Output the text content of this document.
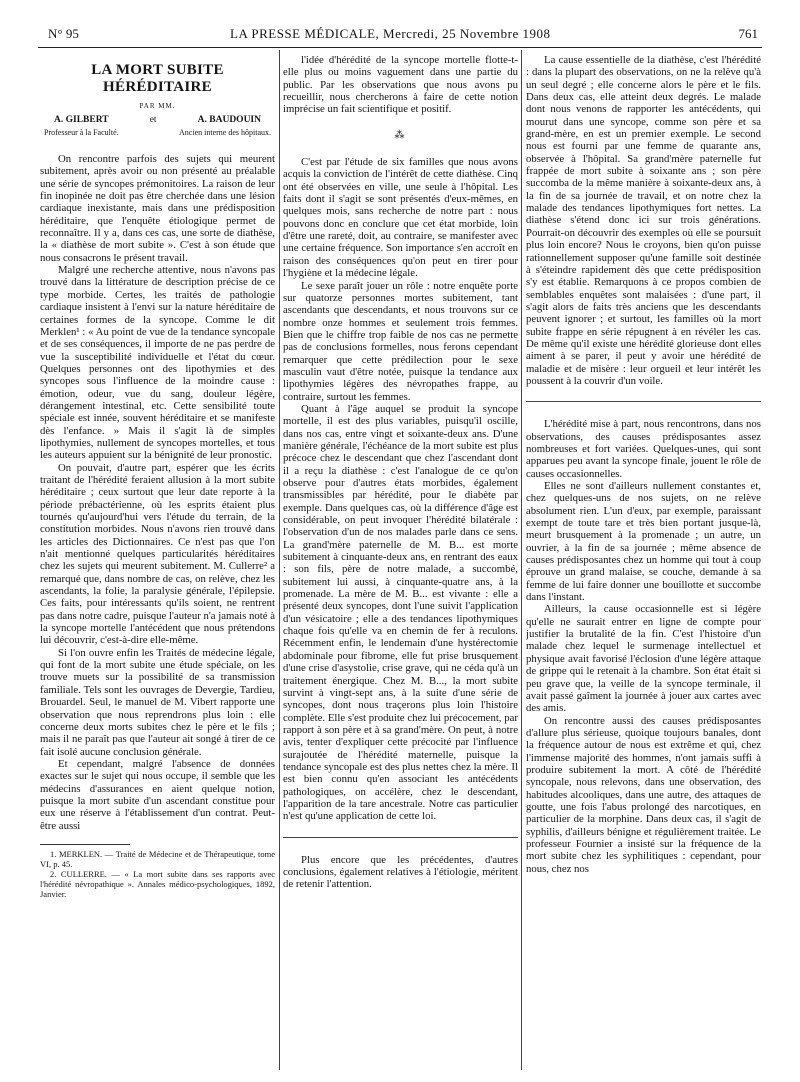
N° 95	LA PRESSE MÉDICALE, Mercredi, 25 Novembre 1908	761
LA MORT SUBITE HÉRÉDITAIRE
PAR MM.
A. GILBERT	et	A. BAUDOUIN
Professeur à la Faculté.	Ancien interne des hôpitaux.

On rencontre parfois des sujets qui meurent subitement, après avoir ou non présenté au préalable une série de syncopes prémonitoires. La raison de leur fin inopinée ne doit pas être cherchée dans une lésion cardiaque inexistante, mais dans une prédisposition héréditaire, que l'enquête étiologique permet de reconnaître. Il y a, dans ces cas, une sorte de diathèse, la « diathèse de mort subite ». C'est à son étude que nous consacrons le présent travail.

Malgré une recherche attentive, nous n'avons pas trouvé dans la littérature de description précise de ce type morbide. Certes, les traités de pathologie cardiaque insistent à l'envi sur la nature héréditaire de certaines formes de la syncope. Comme le dit Merklen¹ : « Au point de vue de la tendance syncopale et de ses conséquences, il importe de ne pas perdre de vue la susceptibilité individuelle et l'état du cœur. Quelques personnes ont des lipothymies et des syncopes sous l'influence de la moindre cause : émotion, odeur, vue du sang, douleur légère, dérangement intestinal, etc. Cette sensibilité toute spéciale est innée, souvent héréditaire et se manifeste dès l'enfance. » Mais il s'agit là de simples lipothymies, nullement de syncopes mortelles, et tous les auteurs appuient sur la bénignité de leur pronostic.

On pouvait, d'autre part, espérer que les écrits traitant de l'hérédité feraient allusion à la mort subite héréditaire ; ceux surtout que leur date reporte à la période prébactérienne, où les esprits étaient plus tournés qu'aujourd'hui vers l'étude du terrain, de la constitution morbides. Nous n'avons rien trouvé dans les articles des Dictionnaires. Ce n'est pas que l'on n'ait mentionné quelques particularités héréditaires chez les sujets qui meurent subitement. M. Cullerre² a remarqué que, dans nombre de cas, on relève, chez les ascendants, la folie, la paralysie générale, l'épilepsie. Ces faits, pour intéressants qu'ils soient, ne rentrent pas dans notre cadre, puisque l'auteur n'a jamais noté à la syncope mortelle l'antécédent que nous prétendons lui découvrir, c'est-à-dire elle-même.

Si l'on ouvre enfin les Traités de médecine légale, qui font de la mort subite une étude spéciale, on les trouve muets sur la possibilité de sa transmission familiale. Tels sont les ouvrages de Devergie, Tardieu, Brouardel. Seul, le manuel de M. Vibert rapporte une observation que nous reprendrons plus loin : elle concerne deux morts subites chez le père et le fils ; mais il ne paraît pas que l'auteur ait songé à tirer de ce fait isolé aucune conclusion générale.

Et cependant, malgré l'absence de données exactes sur le sujet qui nous occupe, il semble que les médecins d'assurances en aient quelque notion, puisque la mort subite d'un ascendant constitue pour eux une réserve à l'établissement d'un contrat. Peut-être aussi

1. MERKLEN. — Traité de Médecine et de Thérapeutique, tome VI, p. 45.
2. CULLERRE. — « La mort subite dans ses rapports avec l'hérédité névropathique ». Annales médico-psychologiques, 1892, Janvier.

l'idée d'hérédité de la syncope mortelle flotte-t-elle plus ou moins vaguement dans une partie du public. Par les observations que nous avons pu recueillir, nous chercherons à faire de cette notion imprécise un fait scientifique et positif.

⁂

C'est par l'étude de six familles que nous avons acquis la conviction de l'intérêt de cette diathèse. Cinq ont été observées en ville, une seule à l'hôpital. Les faits dont il s'agit se sont présentés d'eux-mêmes, en quelques mois, sans recherche de notre part : nous pouvons donc en conclure que cet état morbide, loin d'être une rareté, doit, au contraire, se manifester avec une certaine fréquence. Son importance s'en accroît en raison des conséquences qu'on peut en tirer pour l'hygiène et la médecine légale.

Le sexe paraît jouer un rôle : notre enquête porte sur quatorze personnes mortes subitement, tant ascendants que descendants, et nous trouvons sur ce nombre onze hommes et seulement trois femmes. Bien que le chiffre trop faible de nos cas ne permette pas de conclusions formelles, nous ferons cependant remarquer que cette prédilection pour le sexe masculin vaut d'être notée, puisque la tendance aux lipothymies légères des névropathes frappe, au contraire, surtout les femmes.

Quant à l'âge auquel se produit la syncope mortelle, il est des plus variables, puisqu'il oscille, dans nos cas, entre vingt et soixante-deux ans. D'une manière générale, l'échéance de la mort subite est plus précoce chez le descendant que chez l'ascendant dont il a reçu la diathèse : c'est l'analogue de ce qu'on observe pour d'autres états morbides, également transmissibles par hérédité, pour le diabète par exemple. Dans quelques cas, où la différence d'âge est considérable, on peut invoquer l'hérédité bilatérale : l'observation d'un de nos malades parle dans ce sens. La grand'mère paternelle de M. B... est morte subitement à cinquante-deux ans, en rentrant des eaux : son fils, père de notre malade, a succombé, subitement lui aussi, à cinquante-quatre ans, à la promenade. La mère de M. B... est vivante : elle a présenté deux syncopes, dont l'une suivit l'application d'un vésicatoire ; elle a des tendances lipothymiques chaque fois qu'elle va en chemin de fer à reculons. Récemment enfin, le lendemain d'une hystérectomie abdominale pour fibrome, elle fut prise brusquement d'une crise d'asystolie, crise grave, qui ne céda qu'à un traitement énergique. Chez M. B..., la mort subite survint à vingt-sept ans, à la suite d'une série de syncopes, dont nous traçerons plus loin l'histoire complète. Elle s'est produite chez lui précocement, par rapport à son père et à sa grand'mère. On peut, à notre avis, tenter d'expliquer cette précocité par l'influence surajoutée de l'hérédité maternelle, puisque la tendance syncopale est des plus nettes chez la mère. Il est bien connu qu'en associant les antécédents pathologiques, on accélère, chez le descendant, l'apparition de la tare ancestrale. Notre cas particulier n'est qu'une application de cette loi.

Plus encore que les précédentes, d'autres conclusions, également relatives à l'étiologie, méritent de retenir l'attention.

La cause essentielle de la diathèse, c'est l'hérédité : dans la plupart des observations, on ne la relève qu'à un seul degré ; elle concerne alors le père et le fils. Dans deux cas, elle atteint deux degrés. Le malade dont nous venons de rapporter les antécédents, qui mourut dans une syncope, comme son père et sa grand-mère, en est un premier exemple. Le second nous est fourni par une femme de quarante ans, observée à l'hôpital. Sa grand'mère paternelle fut frappée de mort subite à soixante ans ; son père succomba de la même manière à soixante-deux ans, à la fin de sa journée de travail, et on notre chez la malade des tendances lipothymiques fort nettes. La diathèse s'étend donc ici sur trois générations. Pourrait-on découvrir des exemples où elle se poursuit plus loin encore? Nous le croyons, bien qu'on puisse rationnellement supposer qu'une famille soit destinée à s'éteindre rapidement dès que cette prédisposition s'y est établie. Remarquons à ce propos combien de semblables enquêtes sont malaisées : d'une part, il s'agit alors de faits très anciens que les descendants peuvent ignorer ; et surtout, les familles où la mort subite frappe en série répugnent à en révéler les cas. De même qu'il existe une hérédité glorieuse dont elles aiment à se parer, il peut y avoir une hérédité de maladie et de misère : leur orgueil et leur intérêt les poussent à la couvrir d'un voile.

L'hérédité mise à part, nous rencontrons, dans nos observations, des causes prédisposantes assez nombreuses et fort variées. Quelques-unes, qui sont apparues peu avant la syncope finale, jouent le rôle de causes occasionnelles.

Elles ne sont d'ailleurs nullement constantes et, chez quelques-uns de nos sujets, on ne relève absolument rien. L'un d'eux, par exemple, paraissant exempt de toute tare et très bien portant jusque-là, meurt brusquement à la promenade ; un autre, un ouvrier, à la fin de sa journée ; même absence de causes prédisposantes chez un homme qui tout à coup éprouve un grand malaise, se couche, demande à sa femme de lui faire donner une bouillotte et succombe dans l'instant.

Ailleurs, la cause occasionnelle est si légère qu'elle ne saurait entrer en ligne de compte pour justifier la brutalité de la fin. C'est l'histoire d'un malade chez lequel le surmenage intellectuel et physique avait favorisé l'éclosion d'une légère attaque de grippe qui le retenait à la chambre. Son état était si peu grave que, la veille de la syncope terminale, il avait passé gaîment la journée à jouer aux cartes avec des amis.

On rencontre aussi des causes prédisposantes d'allure plus sérieuse, quoique toujours banales, dont la fréquence autour de nous est extrême et qui, chez l'immense majorité des hommes, n'ont jamais suffi à produire subitement la mort. A côté de l'hérédité syncopale, nous relevons, dans une observation, des habitudes alcooliques, dans une autre, des attaques de goutte, une fois l'abus prolongé des narcotiques, en particulier de la morphine. Dans deux cas, il s'agit de syphilis, d'ailleurs bénigne et régulièrement traitée. Le professeur Fournier a insisté sur la fréquence de la mort subite chez les syphilitiques : cependant, pour nous, chez nos
